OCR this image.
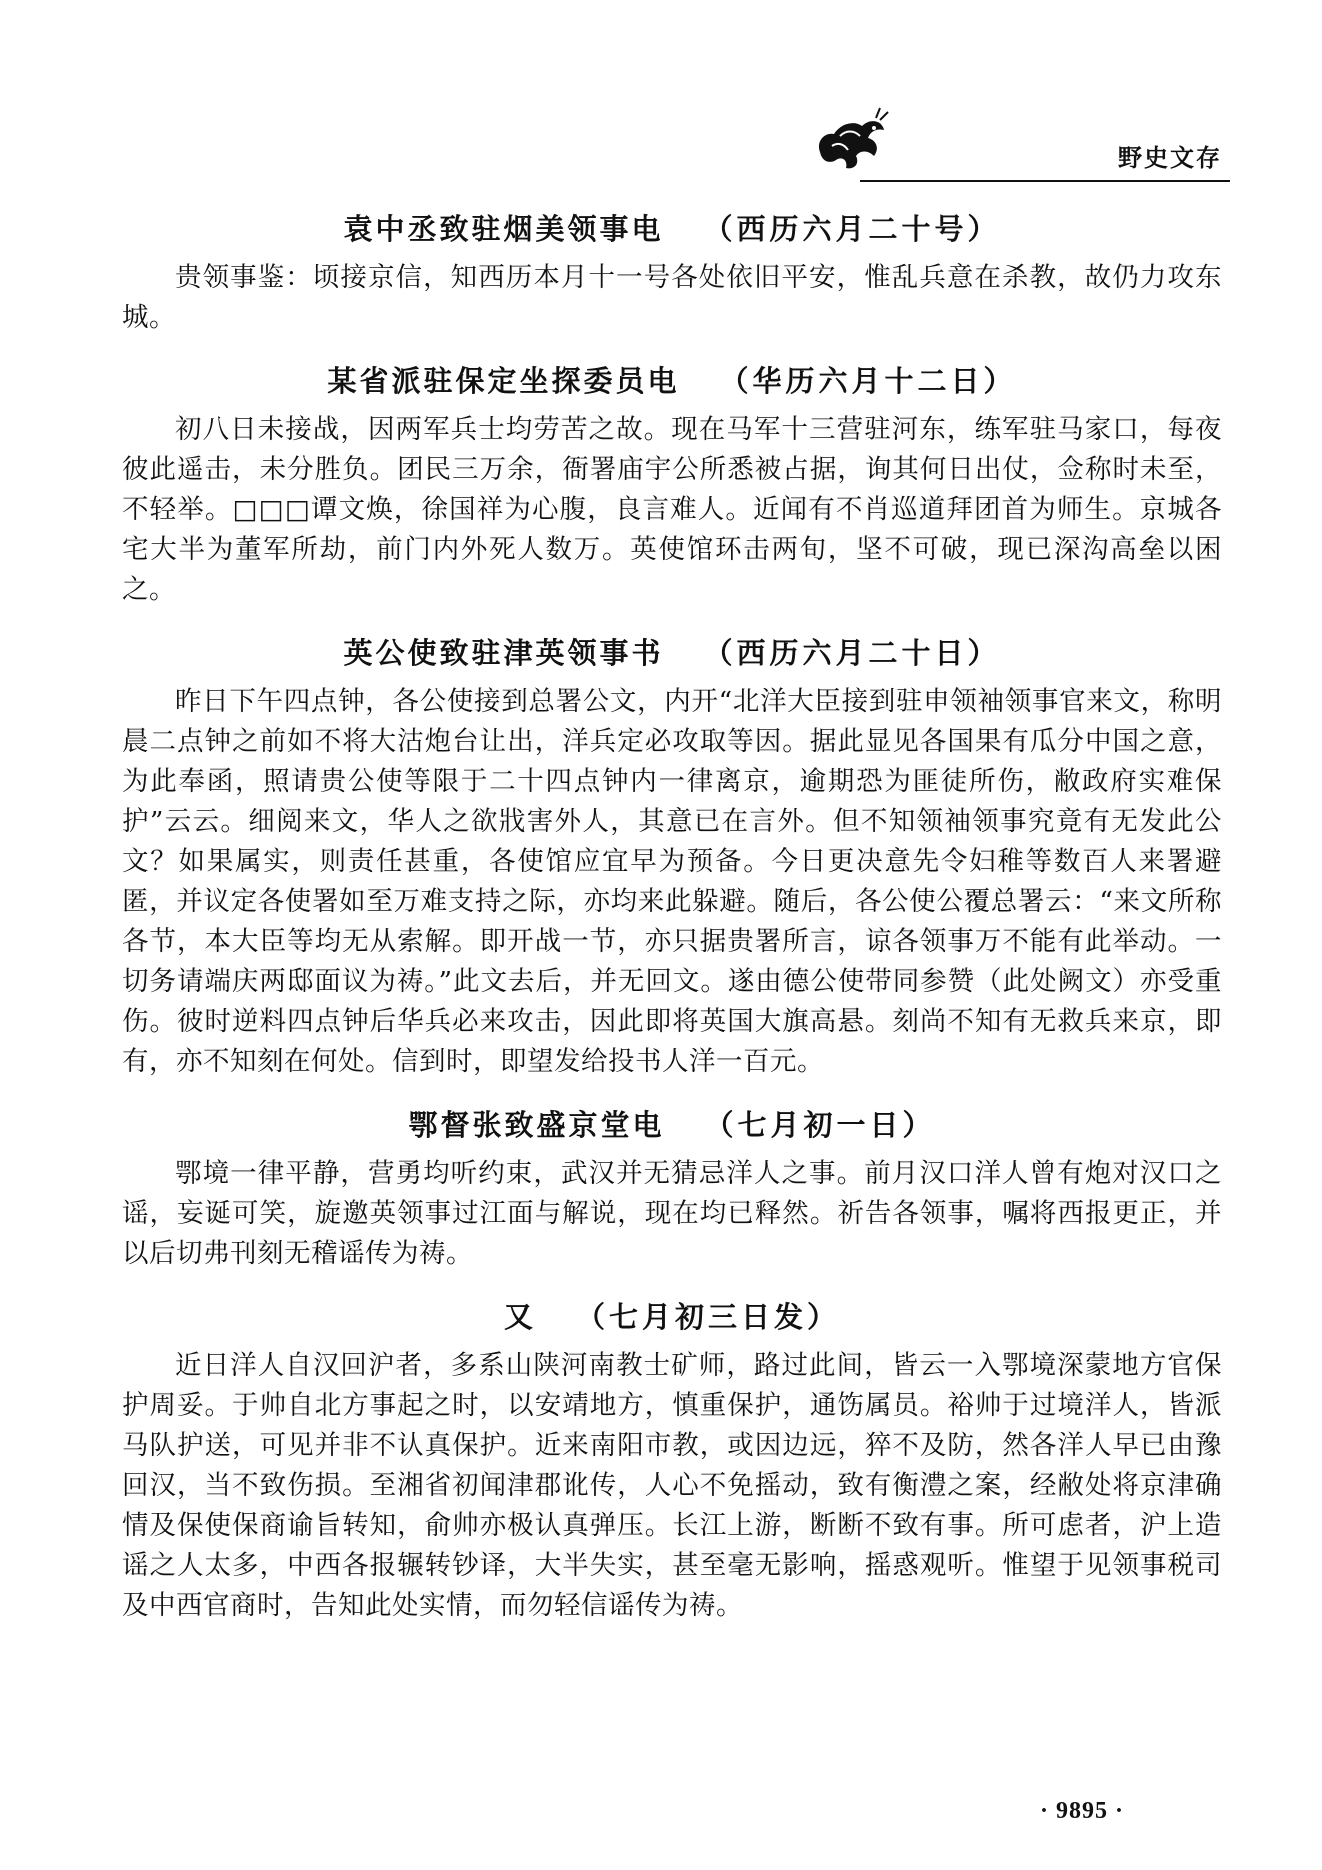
野史文存
袁中丞致驻烟美领事电 （西历六月二十号）

贵领事鉴：顷接京信，知西历本月十一号各处依旧平安，惟乱兵意在杀教，故仍力攻东城。

某省派驻保定坐探委员电 （华历六月十二日）

初八日未接战，因两军兵士均劳苦之故。现在马军十三营驻河东，练军驻马家口，每夜彼此遥击，未分胜负。团民三万余，衙署庙宇公所悉被占据，询其何日出仗，佥称时未至，不轻举。□□□谭文焕，徐国祥为心腹，良言难人。近闻有不肖巡道拜团首为师生。京城各宅大半为董军所劫，前门内外死人数万。英使馆环击两旬，坚不可破，现已深沟高垒以困之。

英公使致驻津英领事书 （西历六月二十日）

昨日下午四点钟，各公使接到总署公文，内开“北洋大臣接到驻申领袖领事官来文，称明晨二点钟之前如不将大沽炮台让出，洋兵定必攻取等因。据此显见各国果有瓜分中国之意，为此奉函，照请贵公使等限于二十四点钟内一律离京，逾期恐为匪徒所伤，敝政府实难保护”云云。细阅来文，华人之欲戕害外人，其意已在言外。但不知领袖领事究竟有无发此公文？如果属实，则责任甚重，各使馆应宜早为预备。今日更决意先令妇稚等数百人来署避匿，并议定各使署如至万难支持之际，亦均来此躲避。随后，各公使公覆总署云：“来文所称各节，本大臣等均无从索解。即开战一节，亦只据贵署所言，谅各领事万不能有此举动。一切务请端庆两邸面议为祷。”此文去后，并无回文。遂由德公使带同参赞（此处阙文）亦受重伤。彼时逆料四点钟后华兵必来攻击，因此即将英国大旗高悬。刻尚不知有无救兵来京，即有，亦不知刻在何处。信到时，即望发给投书人洋一百元。

鄂督张致盛京堂电 （七月初一日）

鄂境一律平静，营勇均听约束，武汉并无猜忌洋人之事。前月汉口洋人曾有炮对汉口之谣，妄诞可笑，旋邀英领事过江面与解说，现在均已释然。祈告各领事，嘱将西报更正，并以后切弗刊刻无稽谣传为祷。

又 （七月初三日发）

近日洋人自汉回沪者，多系山陕河南教士矿师，路过此间，皆云一入鄂境深蒙地方官保护周妥。于帅自北方事起之时，以安靖地方，慎重保护，通饬属员。裕帅于过境洋人，皆派马队护送，可见并非不认真保护。近来南阳市教，或因边远，猝不及防，然各洋人早已由豫回汉，当不致伤损。至湘省初闻津郡讹传，人心不免摇动，致有衡澧之案，经敝处将京津确情及保使保商谕旨转知，俞帅亦极认真弹压。长江上游，断断不致有事。所可虑者，沪上造谣之人太多，中西各报辗转钞译，大半失实，甚至毫无影响，摇惑观听。惟望于见领事税司及中西官商时，告知此处实情，而勿轻信谣传为祷。

· 9895 ·
